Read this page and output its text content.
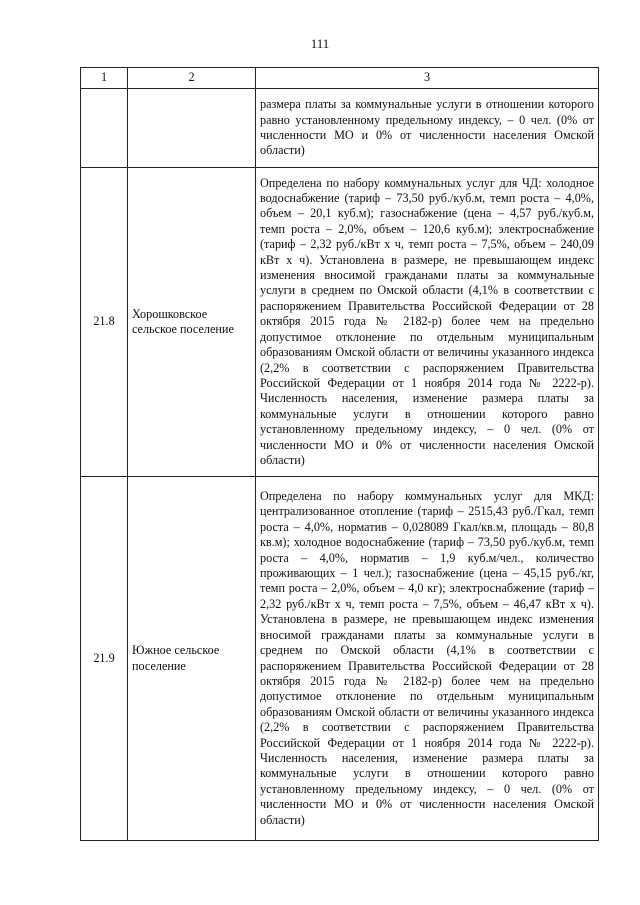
111
1	2	3

		размера платы за коммунальные услуги в отношении которого равно установленному предельному индексу, – 0 чел. (0% от численности МО и 0% от численности населения Омской области)

21.8	Хорошковское сельское поселение	Определена по набору коммунальных услуг для ЧД: холодное водоснабжение (тариф – 73,50 руб./куб.м, темп роста – 4,0%, объем – 20,1 куб.м); газоснабжение (цена – 4,57 руб./куб.м, темп роста – 2,0%, объем – 120,6 куб.м); электроснабжение (тариф – 2,32 руб./кВт х ч, темп роста – 7,5%, объем – 240,09 кВт х ч). Установлена в размере, не превышающем индекс изменения вносимой гражданами платы за коммунальные услуги в среднем по Омской области (4,1% в соответствии с распоряжением Правительства Российской Федерации от 28 октября 2015 года № 2182-р) более чем на предельно допустимое отклонение по отдельным муниципальным образованиям Омской области от величины указанного индекса (2,2% в соответствии с распоряжением Правительства Российской Федерации от 1 ноября 2014 года № 2222-р). Численность населения, изменение размера платы за коммунальные услуги в отношении которого равно установленному предельному индексу, – 0 чел. (0% от численности МО и 0% от численности населения Омской области)

21.9	Южное сельское поселение	Определена по набору коммунальных услуг для МКД: централизованное отопление (тариф – 2515,43 руб./Гкал, темп роста – 4,0%, норматив – 0,028089 Гкал/кв.м, площадь – 80,8 кв.м); холодное водоснабжение (тариф – 73,50 руб./куб.м, темп роста – 4,0%, норматив – 1,9 куб.м/чел., количество проживающих – 1 чел.); газоснабжение (цена – 45,15 руб./кг, темп роста – 2,0%, объем – 4,0 кг); электроснабжение (тариф – 2,32 руб./кВт х ч, темп роста – 7,5%, объем – 46,47 кВт х ч). Установлена в размере, не превышающем индекс изменения вносимой гражданами платы за коммунальные услуги в среднем по Омской области (4,1% в соответствии с распоряжением Правительства Российской Федерации от 28 октября 2015 года № 2182-р) более чем на предельно допустимое отклонение по отдельным муниципальным образованиям Омской области от величины указанного индекса (2,2% в соответствии с распоряжением Правительства Российской Федерации от 1 ноября 2014 года № 2222-р). Численность населения, изменение размера платы за коммунальные услуги в отношении которого равно установленному предельному индексу, – 0 чел. (0% от численности МО и 0% от численности населения Омской области)
